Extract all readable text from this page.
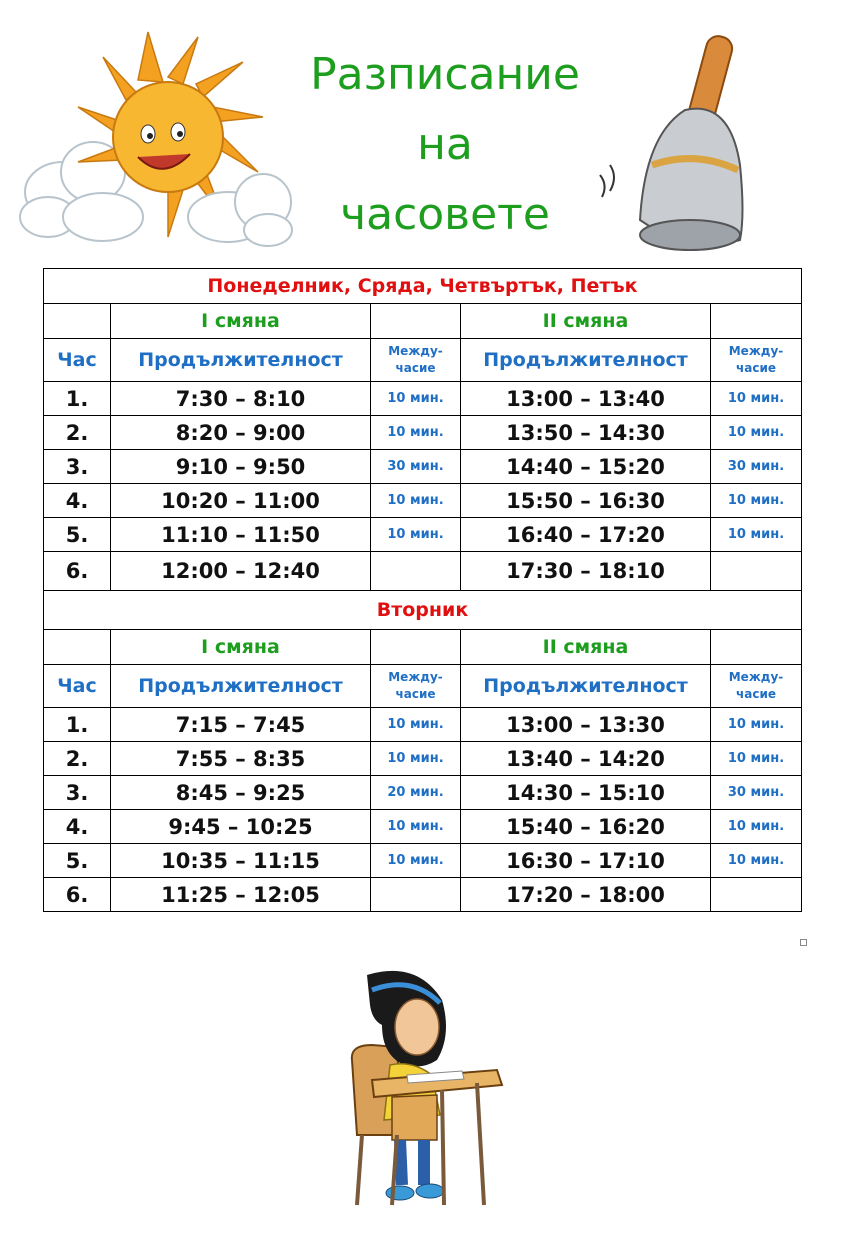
Разписание
на
часовете
Понеделник, Сряда, Четвъртък, Петък				
	I смяна		II смяна	
Час	Продължителност	Между-
часие	Продължителност	Между-
часие
1.	7:30 – 8:10	10 мин.	13:00 – 13:40	10 мин.
2.	8:20 – 9:00	10 мин.	13:50 – 14:30	10 мин.
3.	9:10 – 9:50	30 мин.	14:40 – 15:20	30 мин.
4.	10:20 – 11:00	10 мин.	15:50 – 16:30	10 мин.
5.	11:10 – 11:50	10 мин.	16:40 – 17:20	10 мин.
6.	12:00 – 12:40		17:30 – 18:10	
Вторник				
	I смяна		II смяна	
Час	Продължителност	Между-
часие	Продължителност	Между-
часие
1.	7:15 – 7:45	10 мин.	13:00 – 13:30	10 мин.
2.	7:55 – 8:35	10 мин.	13:40 – 14:20	10 мин.
3.	8:45 – 9:25	20 мин.	14:30 – 15:10	30 мин.
4.	9:45 – 10:25	10 мин.	15:40 – 16:20	10 мин.
5.	10:35 – 11:15	10 мин.	16:30 – 17:10	10 мин.
6.	11:25 – 12:05		17:20 – 18:00	
